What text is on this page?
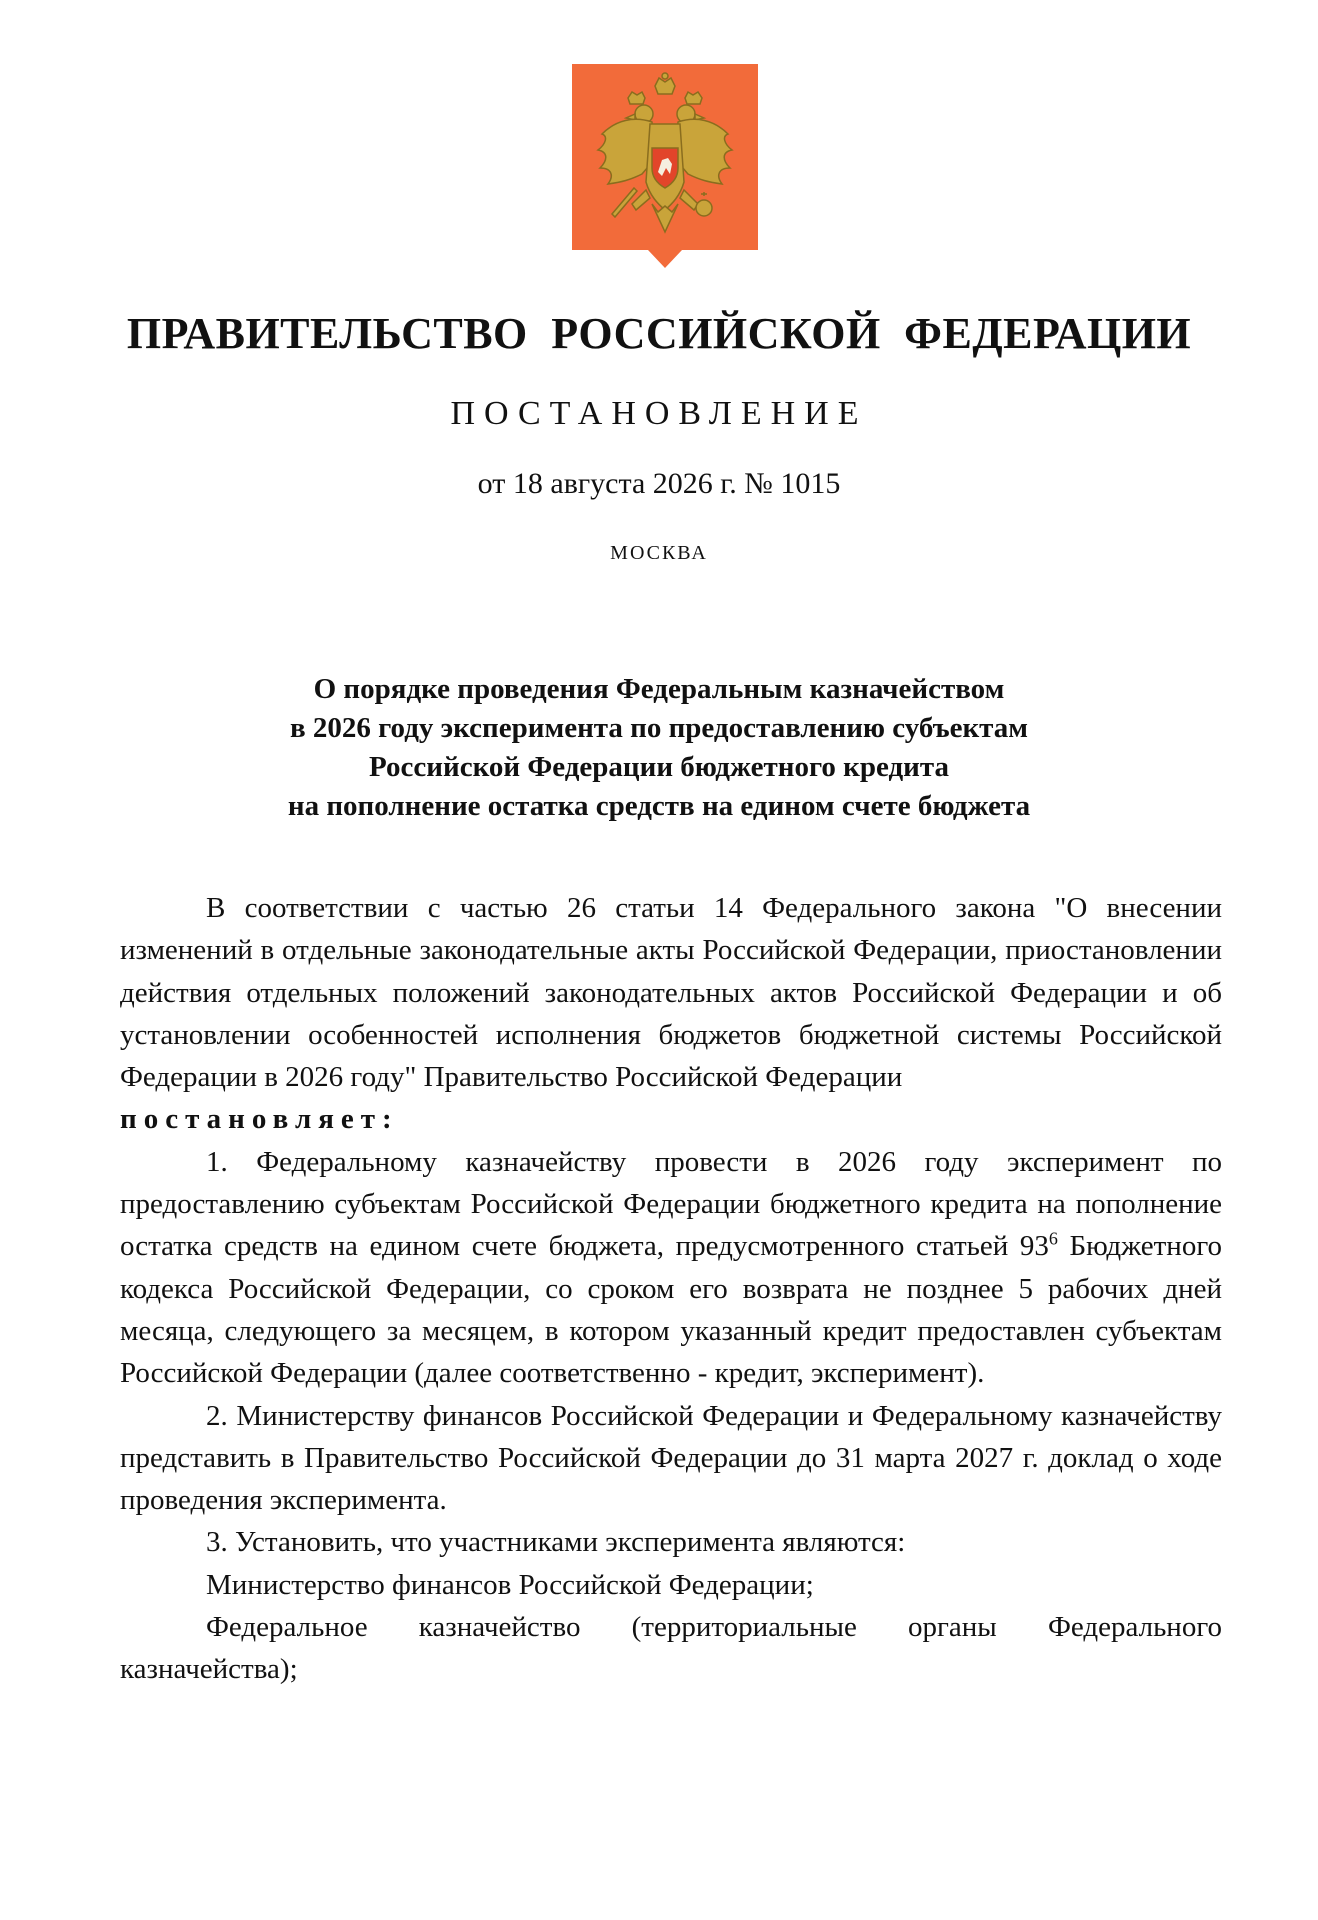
ПРАВИТЕЛЬСТВО РОССИЙСКОЙ ФЕДЕРАЦИИ
ПОСТАНОВЛЕНИЕ
от 18 августа 2026 г. № 1015
МОСКВА
О порядке проведения Федеральным казначейством
в 2026 году эксперимента по предоставлению субъектам
Российской Федерации бюджетного кредита
на пополнение остатка средств на едином счете бюджета

В соответствии с частью 26 статьи 14 Федерального закона "О внесении изменений в отдельные законодательные акты Российской Федерации, приостановлении действия отдельных положений законодательных актов Российской Федерации и об установлении особенностей исполнения бюджетов бюджетной системы Российской Федерации в 2026 году" Правительство Российской Федерации

постановляет:

1. Федеральному казначейству провести в 2026 году эксперимент по предоставлению субъектам Российской Федерации бюджетного кредита на пополнение остатка средств на едином счете бюджета, предусмотренного статьей $93^6$ Бюджетного кодекса Российской Федерации, со сроком его возврата не позднее 5 рабочих дней месяца, следующего за месяцем, в котором указанный кредит предоставлен субъектам Российской Федерации (далее соответственно - кредит, эксперимент).

2. Министерству финансов Российской Федерации и Федеральному казначейству представить в Правительство Российской Федерации до 31 марта 2027 г. доклад о ходе проведения эксперимента.

3. Установить, что участниками эксперимента являются:

Министерство финансов Российской Федерации;

Федеральное казначейство (территориальные органы Федерального казначейства);
